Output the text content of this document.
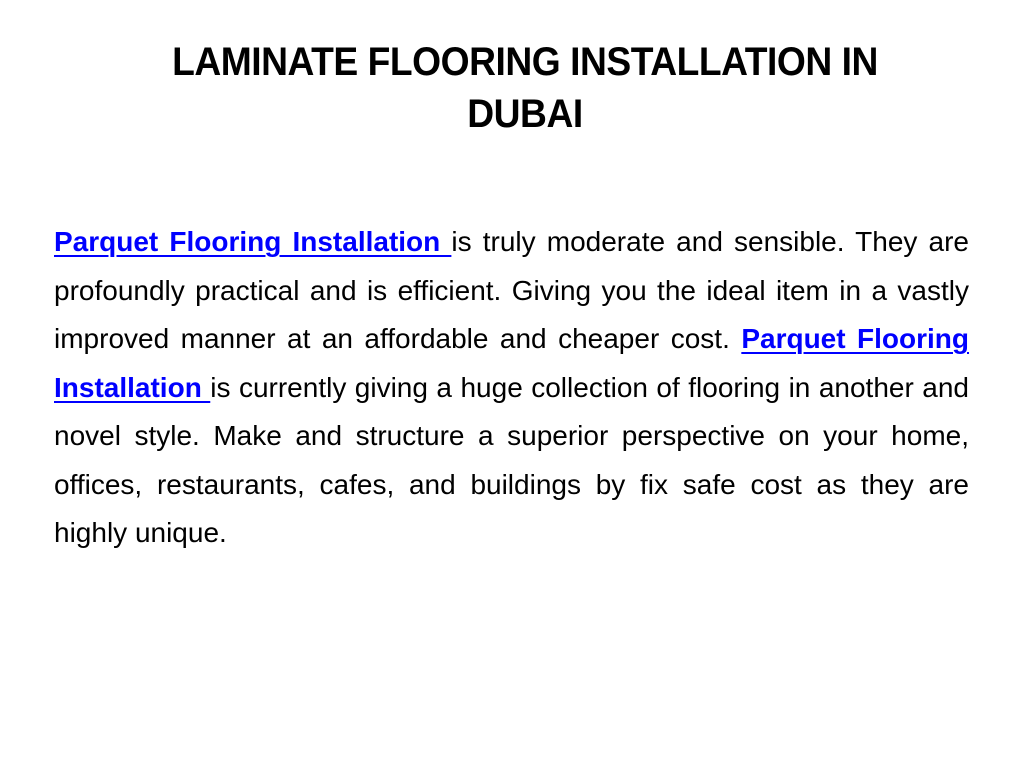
LAMINATE FLOORING INSTALLATION IN DUBAI

Parquet Flooring Installation is truly moderate and sensible. They are profoundly practical and is efficient. Giving you the ideal item in a vastly improved manner at an affordable and cheaper cost. Parquet Flooring Installation is currently giving a huge collection of flooring in another and novel style. Make and structure a superior perspective on your home, offices, restaurants, cafes, and buildings by fix safe cost as they are highly unique.
